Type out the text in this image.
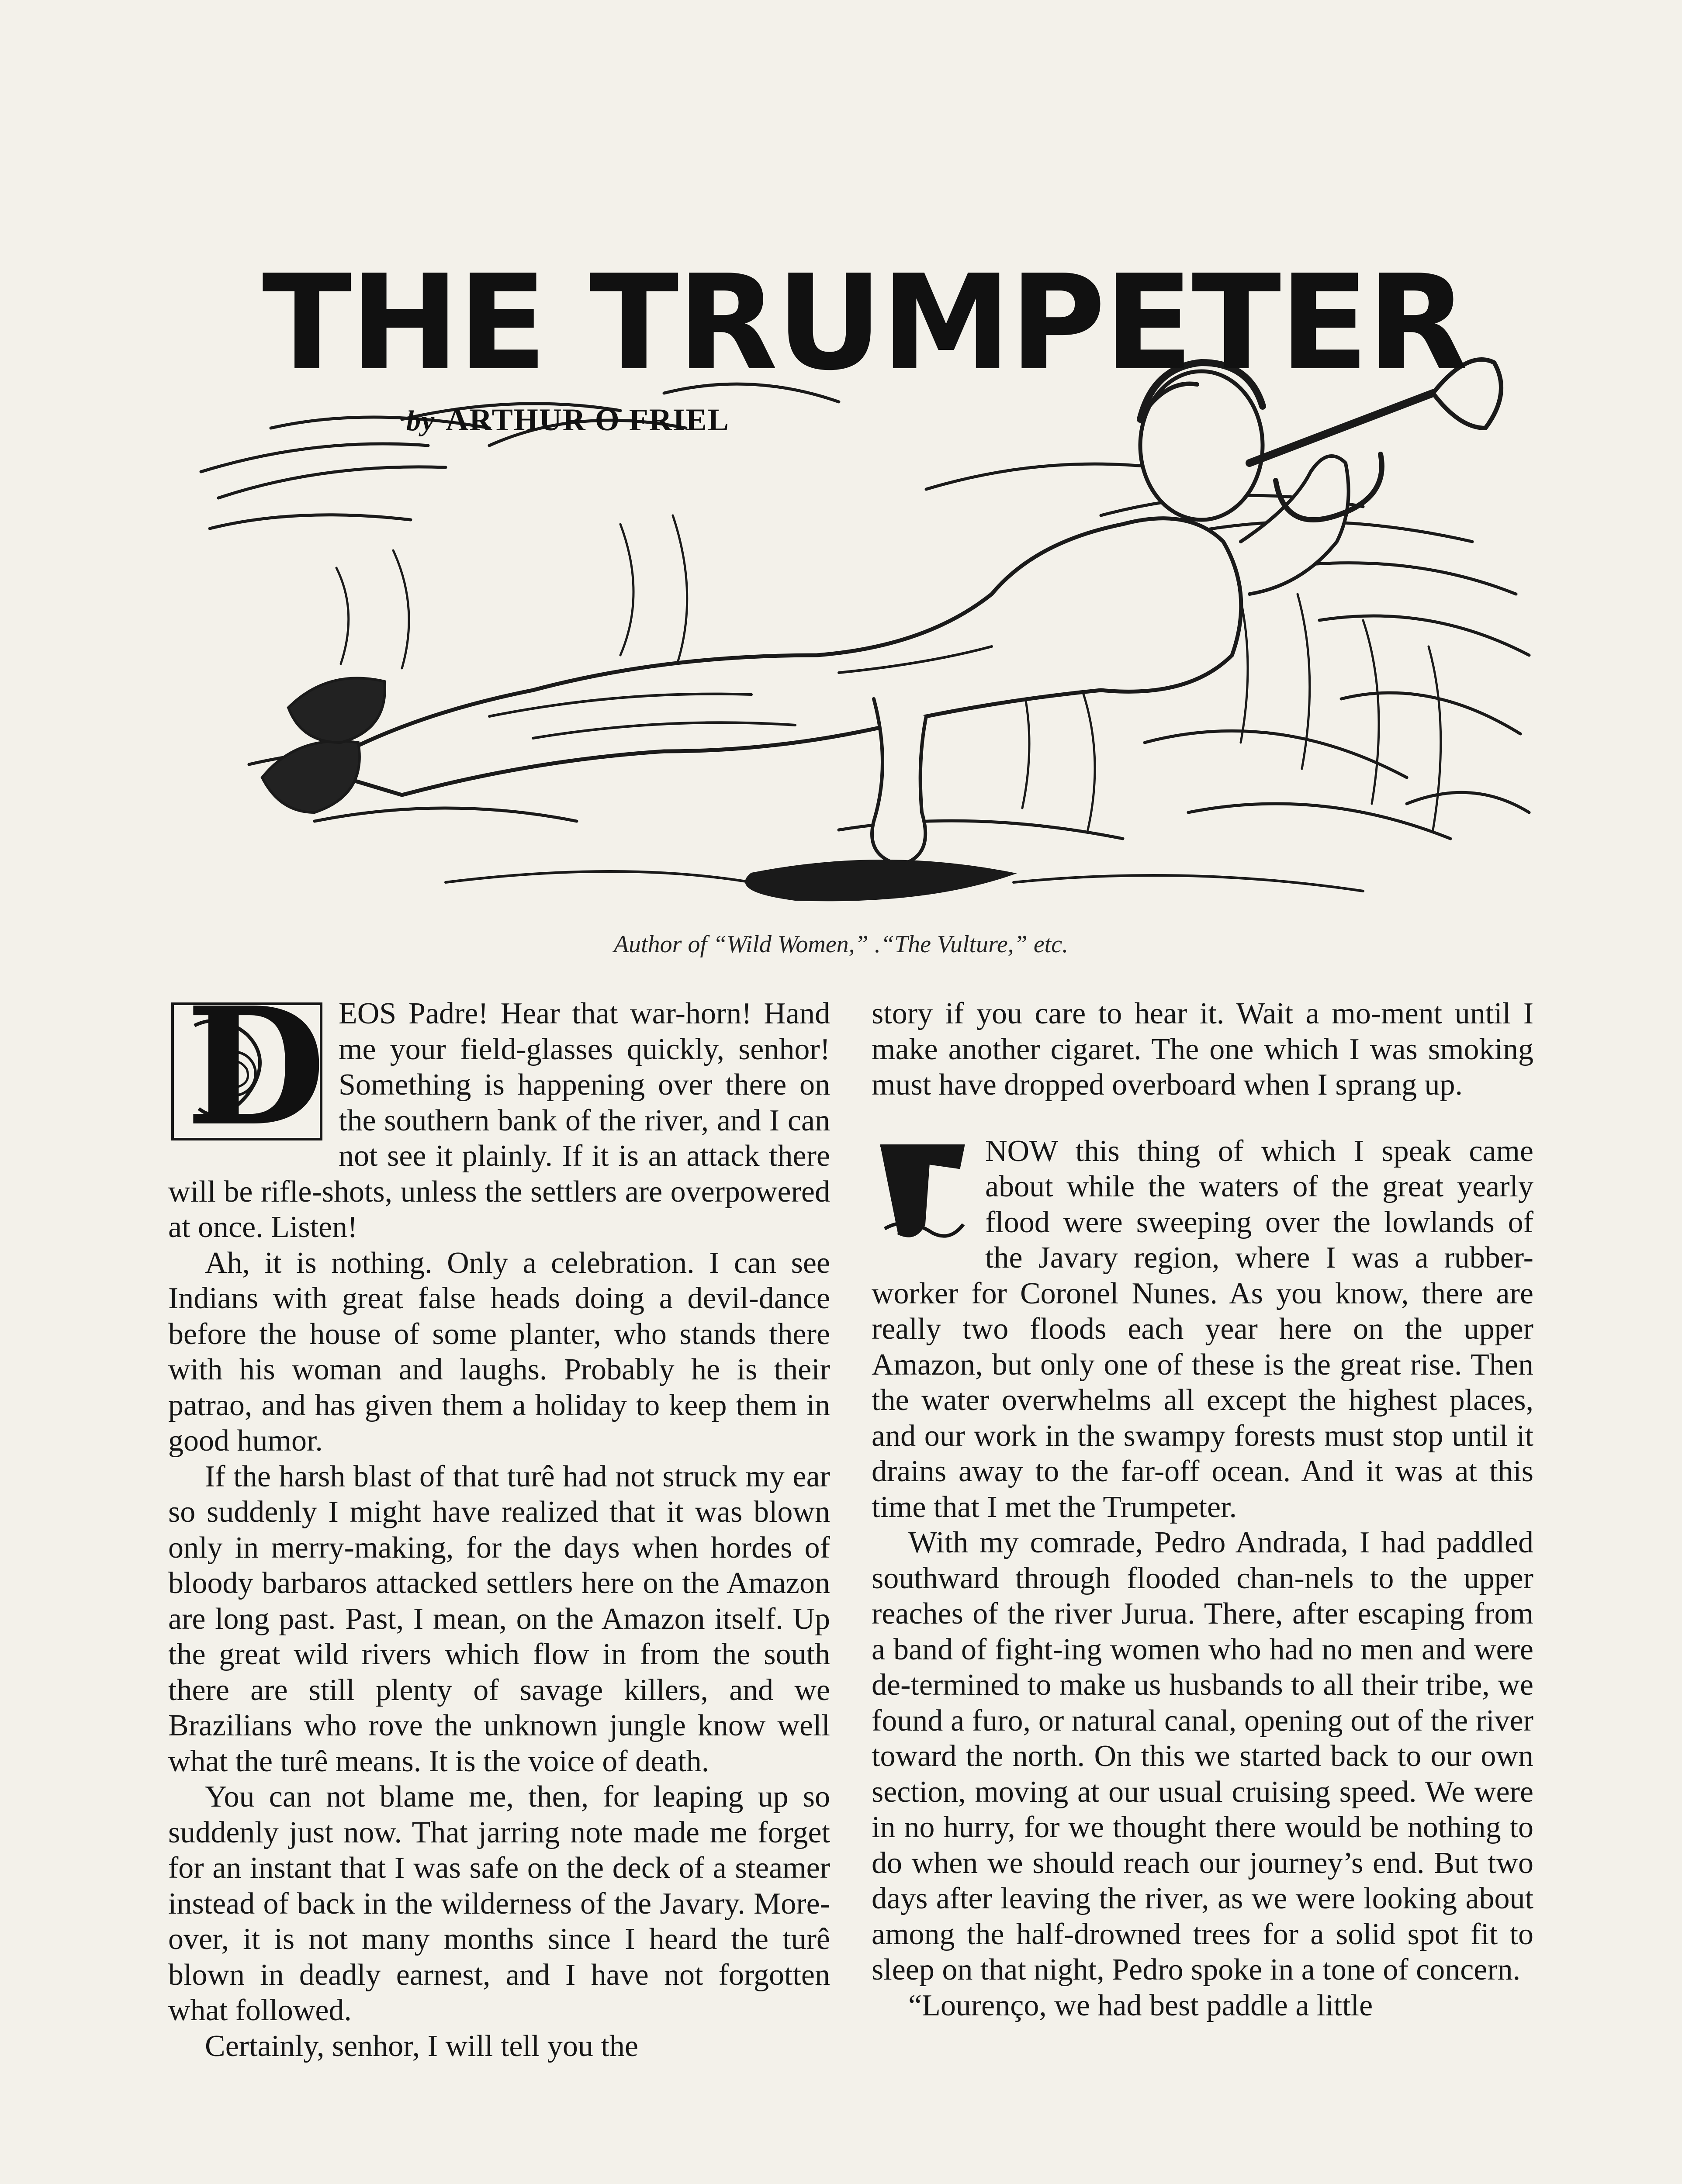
THE TRUMPETER
by ARTHUR O FRIEL
Author of “Wild Women,” .“The Vulture,” etc.
D EOS Padre! Hear that war-horn! Hand me your field-glasses quickly, senhor! Something is happening over there on the southern bank of the river, and I can not see it plainly. If it is an attack there will be rifle-shots, unless the settlers are overpowered at once. Listen!

Ah, it is nothing. Only a celebration. I can see Indians with great false heads doing a devil-dance before the house of some planter, who stands there with his woman and laughs. Probably he is their patrao, and has given them a holiday to keep them in good humor.

If the harsh blast of that turê had not struck my ear so suddenly I might have realized that it was blown only in merry-making, for the days when hordes of bloody barbaros attacked settlers here on the Amazon are long past. Past, I mean, on the Amazon itself. Up the great wild rivers which flow in from the south there are still plenty of savage killers, and we Brazilians who rove the unknown jungle know well what the turê means. It is the voice of death.

You can not blame me, then, for leaping up so suddenly just now. That jarring note made me forget for an instant that I was safe on the deck of a steamer instead of back in the wilderness of the Javary. More-over, it is not many months since I heard the turê blown in deadly earnest, and I have not forgotten what followed.

Certainly, senhor, I will tell you the

story if you care to hear it. Wait a mo-ment until I make another cigaret. The one which I was smoking must have dropped overboard when I sprang up.

NOW this thing of which I speak came about while the waters of the great yearly flood were sweeping over the lowlands of the Javary region, where I was a rubber-worker for Coronel Nunes. As you know, there are really two floods each year here on the upper Amazon, but only one of these is the great rise. Then the water overwhelms all except the highest places, and our work in the swampy forests must stop until it drains away to the far-off ocean. And it was at this time that I met the Trumpeter.

With my comrade, Pedro Andrada, I had paddled southward through flooded chan-nels to the upper reaches of the river Jurua. There, after escaping from a band of fight-ing women who had no men and were de-termined to make us husbands to all their tribe, we found a furo, or natural canal, opening out of the river toward the north. On this we started back to our own section, moving at our usual cruising speed. We were in no hurry, for we thought there would be nothing to do when we should reach our journey’s end. But two days after leaving the river, as we were looking about among the half-drowned trees for a solid spot fit to sleep on that night, Pedro spoke in a tone of concern.

“Lourenço, we had best paddle a little
